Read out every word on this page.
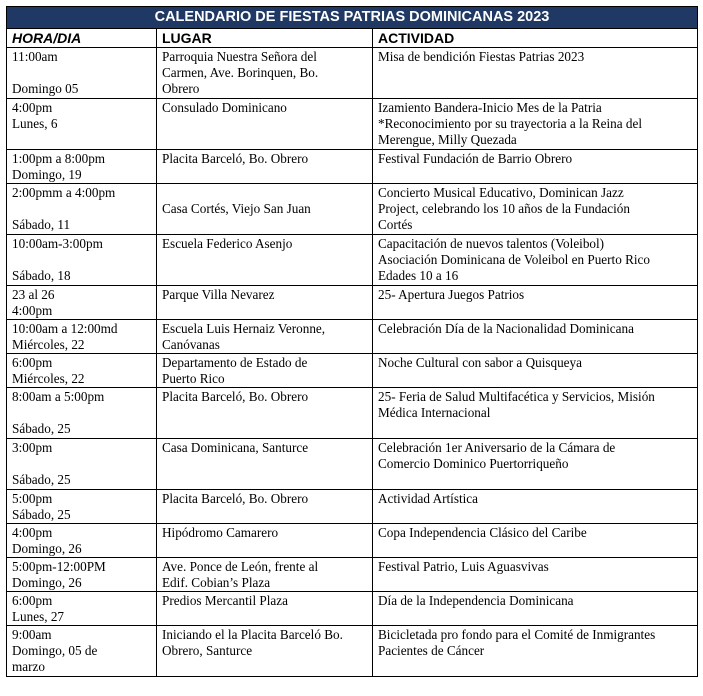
CALENDARIO DE FIESTAS PATRIAS DOMINICANAS 2023		
HORA/DIA	LUGAR	ACTIVIDAD

11:00am

Domingo 05	Parroquia Nuestra Señora del
Carmen, Ave. Borinquen, Bo.
Obrero	Misa de bendición Fiestas Patrias 2023

4:00pm
Lunes, 6	Consulado Dominicano	Izamiento Bandera-Inicio Mes de la Patria
*Reconocimiento por su trayectoria a la Reina del
Merengue, Milly Quezada

1:00pm a 8:00pm
Domingo, 19	Placita Barceló, Bo. Obrero	Festival Fundación de Barrio Obrero

2:00pmm a 4:00pm

Sábado, 11	Casa Cortés, Viejo San Juan	Concierto Musical Educativo, Dominican Jazz
Project, celebrando los 10 años de la Fundación
Cortés

10:00am-3:00pm

Sábado, 18	Escuela Federico Asenjo	Capacitación de nuevos talentos (Voleibol)
Asociación Dominicana de Voleibol en Puerto Rico
Edades 10 a 16

23 al 26
4:00pm	Parque Villa Nevarez	25- Apertura Juegos Patrios

10:00am a 12:00md
Miércoles, 22	Escuela Luis Hernaiz Veronne,
Canóvanas	Celebración Día de la Nacionalidad Dominicana

6:00pm
Miércoles, 22	Departamento de Estado de
Puerto Rico	Noche Cultural con sabor a Quisqueya

8:00am a 5:00pm

Sábado, 25	Placita Barceló, Bo. Obrero	25- Feria de Salud Multifacética y Servicios, Misión
Médica Internacional

3:00pm

Sábado, 25	Casa Dominicana, Santurce	Celebración 1er Aniversario de la Cámara de
Comercio Dominico Puertorriqueño

5:00pm
Sábado, 25	Placita Barceló, Bo. Obrero	Actividad Artística

4:00pm
Domingo, 26	Hipódromo Camarero	Copa Independencia Clásico del Caribe

5:00pm-12:00PM
Domingo, 26	Ave. Ponce de León, frente al
Edif. Cobian’s Plaza	Festival Patrio, Luis Aguasvivas

6:00pm
Lunes, 27	Predios Mercantil Plaza	Día de la Independencia Dominicana

9:00am
Domingo, 05 de
marzo	Iniciando el la Placita Barceló Bo.
Obrero, Santurce	Bicicletada pro fondo para el Comité de Inmigrantes
Pacientes de Cáncer
